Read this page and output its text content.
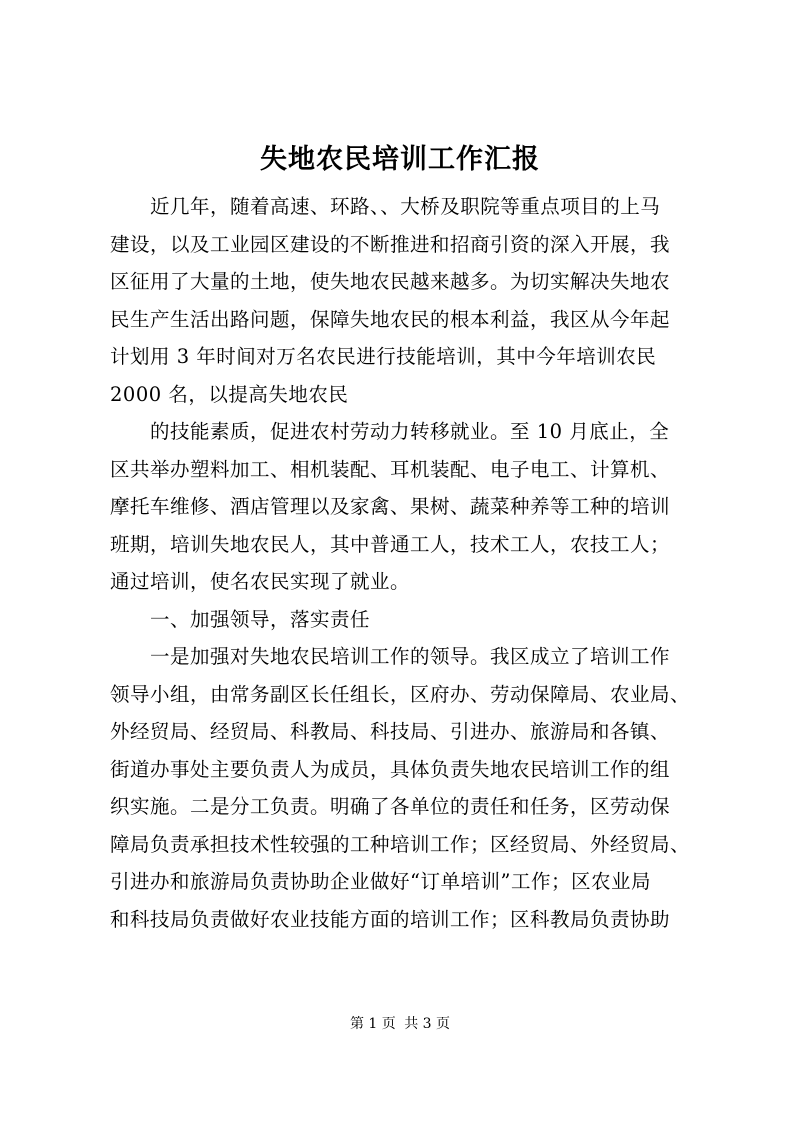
失地农民培训工作汇报
　　近几年，随着高速、环路、、大桥及职院等重点项目的上马
建设，以及工业园区建设的不断推进和招商引资的深入开展，我
区征用了大量的土地，使失地农民越来越多。为切实解决失地农
民生产生活出路问题，保障失地农民的根本利益，我区从今年起
计划用 3 年时间对万名农民进行技能培训，其中今年培训农民
2000 名，以提高失地农民
　　的技能素质，促进农村劳动力转移就业。至 10 月底止，全
区共举办塑料加工、相机装配、耳机装配、电子电工、计算机、
摩托车维修、酒店管理以及家禽、果树、蔬菜种养等工种的培训
班期，培训失地农民人，其中普通工人，技术工人，农技工人；
通过培训，使名农民实现了就业。
　　一、加强领导，落实责任
　　一是加强对失地农民培训工作的领导。我区成立了培训工作
领导小组，由常务副区长任组长，区府办、劳动保障局、农业局、
外经贸局、经贸局、科教局、科技局、引进办、旅游局和各镇、
街道办事处主要负责人为成员，具体负责失地农民培训工作的组
织实施。二是分工负责。明确了各单位的责任和任务，区劳动保
障局负责承担技术性较强的工种培训工作；区经贸局、外经贸局、
引进办和旅游局负责协助企业做好“订单培训”工作；区农业局
和科技局负责做好农业技能方面的培训工作；区科教局负责协助
第 1 页 共 3 页
